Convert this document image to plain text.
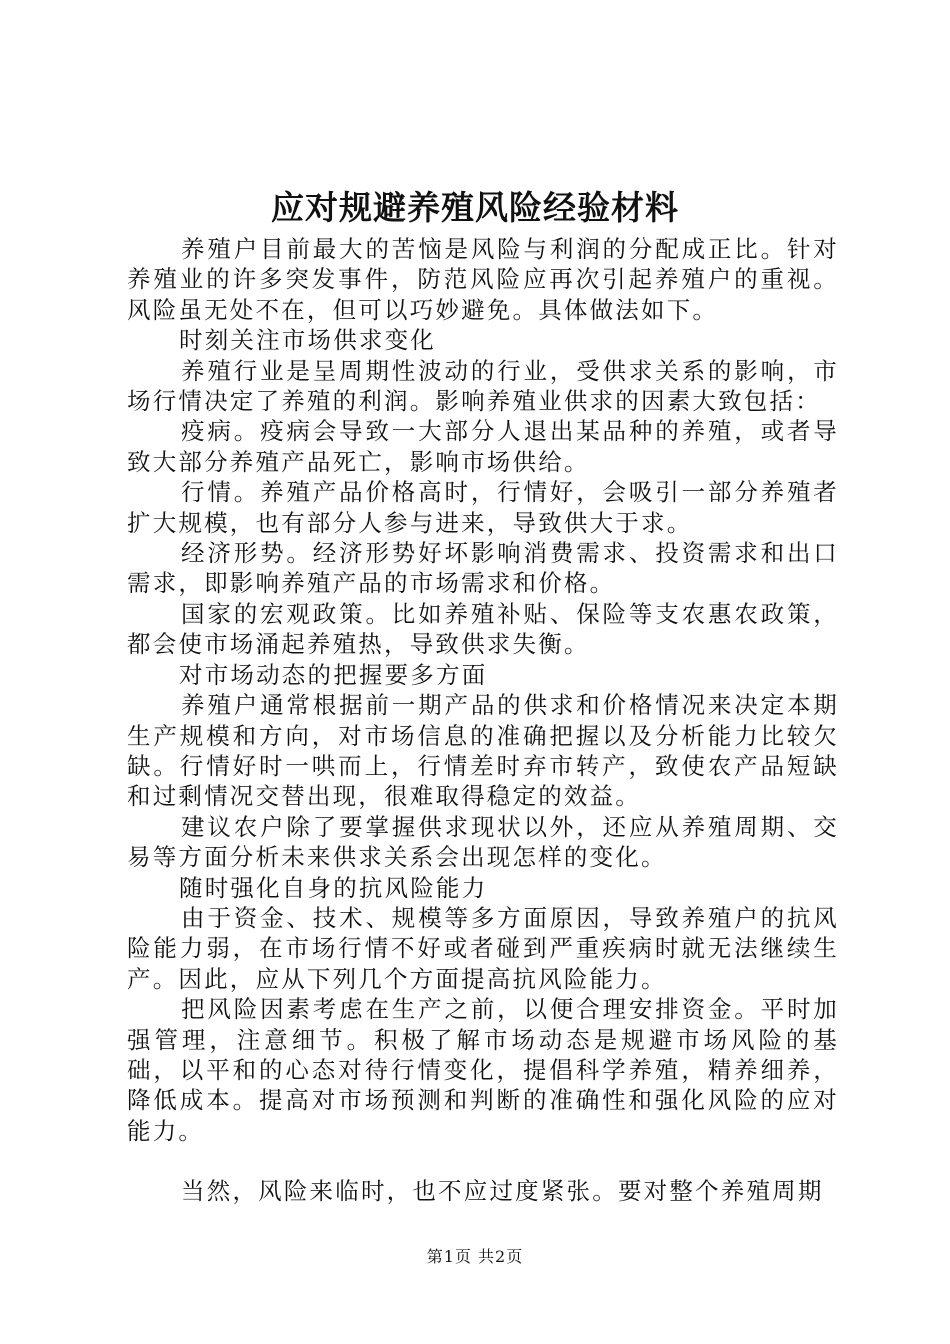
应对规避养殖风险经验材料

养殖户目前最大的苦恼是风险与利润的分配成正比。针对养殖业的许多突发事件，防范风险应再次引起养殖户的重视。风险虽无处不在，但可以巧妙避免。具体做法如下。

时刻关注市场供求变化

养殖行业是呈周期性波动的行业，受供求关系的影响，市场行情决定了养殖的利润。影响养殖业供求的因素大致包括：

疫病。疫病会导致一大部分人退出某品种的养殖，或者导致大部分养殖产品死亡，影响市场供给。

行情。养殖产品价格高时，行情好，会吸引一部分养殖者扩大规模，也有部分人参与进来，导致供大于求。

经济形势。经济形势好坏影响消费需求、投资需求和出口需求，即影响养殖产品的市场需求和价格。

国家的宏观政策。比如养殖补贴、保险等支农惠农政策，都会使市场涌起养殖热，导致供求失衡。

对市场动态的把握要多方面

养殖户通常根据前一期产品的供求和价格情况来决定本期生产规模和方向，对市场信息的准确把握以及分析能力比较欠缺。行情好时一哄而上，行情差时弃市转产，致使农产品短缺和过剩情况交替出现，很难取得稳定的效益。

建议农户除了要掌握供求现状以外，还应从养殖周期、交易等方面分析未来供求关系会出现怎样的变化。

随时强化自身的抗风险能力

由于资金、技术、规模等多方面原因，导致养殖户的抗风险能力弱，在市场行情不好或者碰到严重疾病时就无法继续生产。因此，应从下列几个方面提高抗风险能力。

把风险因素考虑在生产之前，以便合理安排资金。平时加强管理，注意细节。积极了解市场动态是规避市场风险的基础，以平和的心态对待行情变化，提倡科学养殖，精养细养，降低成本。提高对市场预测和判断的准确性和强化风险的应对能力。

当然，风险来临时，也不应过度紧张。要对整个养殖周期

第1页 共2页
